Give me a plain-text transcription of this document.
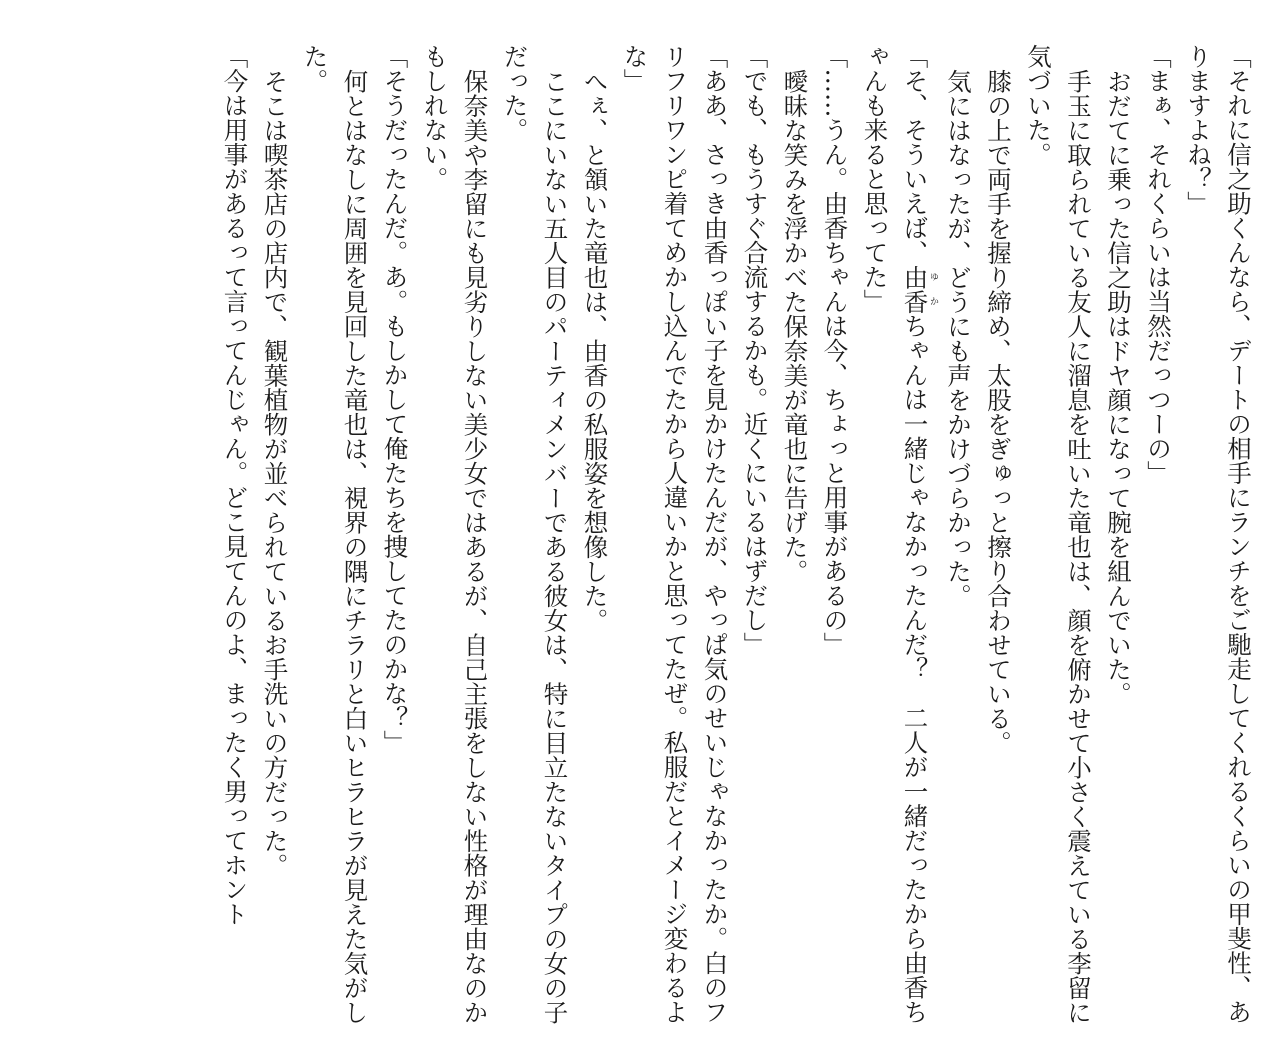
「それに信之助くんなら、デートの相手にランチをご馳走してくれるくらいの甲斐性、ありますよね？」

「まぁ、それくらいは当然だっつーの」

おだてに乗った信之助はドヤ顔になって腕を組んでいた。

手玉に取られている友人に溜息を吐いた竜也は、顔を俯かせて小さく震えている李留に気づいた。

膝の上で両手を握り締め、太股をぎゅっと擦り合わせている。

気にはなったが、どうにも声をかけづらかった。

「そ、そういえば、由香ゆかちゃんは一緒じゃなかったんだ？　二人が一緒だったから由香ちゃんも来ると思ってた」

「……うん。由香ちゃんは今、ちょっと用事があるの」

曖昧な笑みを浮かべた保奈美が竜也に告げた。

「でも、もうすぐ合流するかも。近くにいるはずだし」

「ああ、さっき由香っぽい子を見かけたんだが、やっぱ気のせいじゃなかったか。白のフリフリワンピ着てめかし込んでたから人違いかと思ってたぜ。私服だとイメージ変わるよな」

へぇ、と頷いた竜也は、由香の私服姿を想像した。

ここにいない五人目のパーティメンバーである彼女は、特に目立たないタイプの女の子だった。

保奈美や李留にも見劣りしない美少女ではあるが、自己主張をしない性格が理由なのかもしれない。

「そうだったんだ。あ。もしかして俺たちを捜してたのかな？」

何とはなしに周囲を見回した竜也は、視界の隅にチラリと白いヒラヒラが見えた気がした。

そこは喫茶店の店内で、観葉植物が並べられているお手洗いの方だった。

「今は用事があるって言ってんじゃん。どこ見てんのよ、まったく男ってホント
